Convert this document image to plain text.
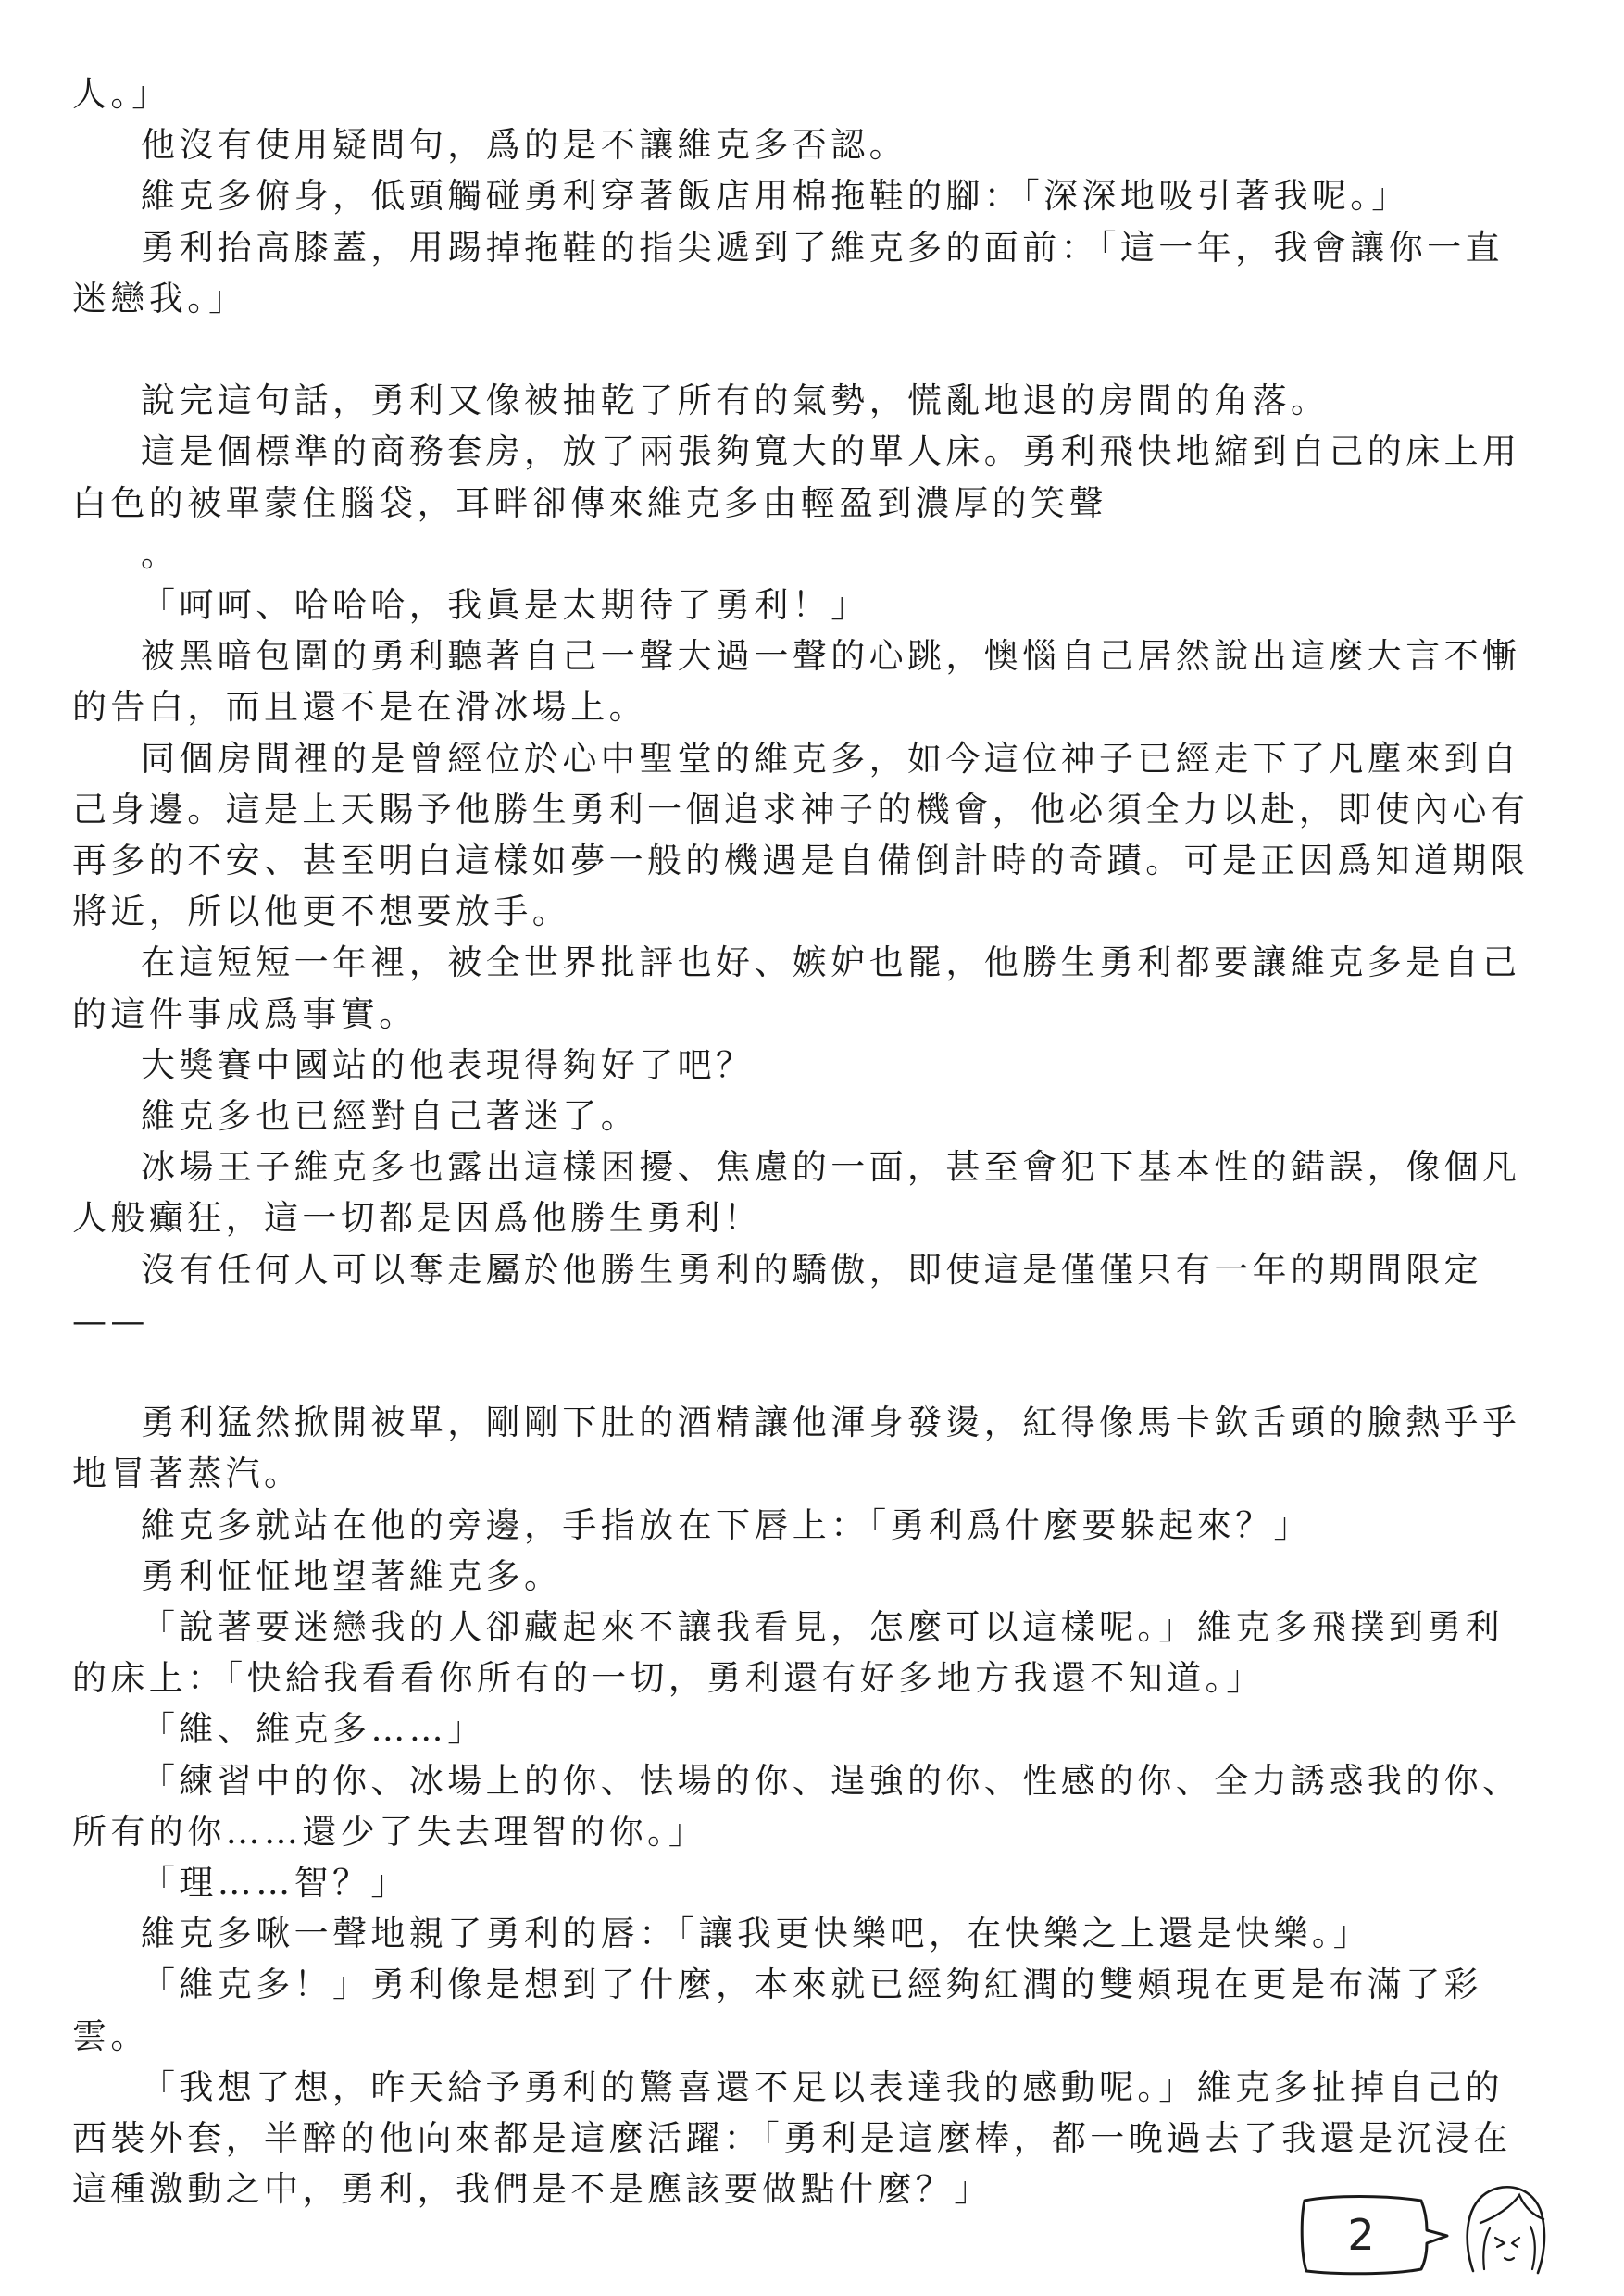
人。」

他沒有使用疑問句，爲的是不讓維克多否認。

維克多俯身，低頭觸碰勇利穿著飯店用棉拖鞋的腳：「深深地吸引著我呢。」

勇利抬高膝蓋，用踢掉拖鞋的指尖遞到了維克多的面前：「這一年，我會讓你一直迷戀我。」

說完這句話，勇利又像被抽乾了所有的氣勢，慌亂地退的房間的角落。

這是個標準的商務套房，放了兩張夠寬大的單人床。勇利飛快地縮到自己的床上用白色的被單蒙住腦袋，耳畔卻傳來維克多由輕盈到濃厚的笑聲

。

「呵呵、哈哈哈，我眞是太期待了勇利！」

被黑暗包圍的勇利聽著自己一聲大過一聲的心跳，懊惱自己居然說出這麼大言不慚的告白，而且還不是在滑冰場上。

同個房間裡的是曾經位於心中聖堂的維克多，如今這位神子已經走下了凡塵來到自己身邊。這是上天賜予他勝生勇利一個追求神子的機會，他必須全力以赴，即使內心有再多的不安、甚至明白這樣如夢一般的機遇是自備倒計時的奇蹟。可是正因爲知道期限將近，所以他更不想要放手。

在這短短一年裡，被全世界批評也好、嫉妒也罷，他勝生勇利都要讓維克多是自己的這件事成爲事實。

大獎賽中國站的他表現得夠好了吧？

維克多也已經對自己著迷了。

冰場王子維克多也露出這樣困擾、焦慮的一面，甚至會犯下基本性的錯誤，像個凡人般癲狂，這一切都是因爲他勝生勇利！

沒有任何人可以奪走屬於他勝生勇利的驕傲，即使這是僅僅只有一年的期間限定——

勇利猛然掀開被單，剛剛下肚的酒精讓他渾身發燙，紅得像馬卡欽舌頭的臉熱乎乎地冒著蒸汽。

維克多就站在他的旁邊，手指放在下唇上：「勇利爲什麼要躲起來？」

勇利怔怔地望著維克多。

「說著要迷戀我的人卻藏起來不讓我看見，怎麼可以這樣呢。」維克多飛撲到勇利的床上：「快給我看看你所有的一切，勇利還有好多地方我還不知道。」

「維、維克多……」

「練習中的你、冰場上的你、怯場的你、逞強的你、性感的你、全力誘惑我的你、所有的你……還少了失去理智的你。」

「理……智？」

維克多啾一聲地親了勇利的唇：「讓我更快樂吧，在快樂之上還是快樂。」

「維克多！」勇利像是想到了什麼，本來就已經夠紅潤的雙頰現在更是布滿了彩雲。

「我想了想，昨天給予勇利的驚喜還不足以表達我的感動呢。」維克多扯掉自己的西裝外套，半醉的他向來都是這麼活躍：「勇利是這麼棒，都一晚過去了我還是沉浸在這種激動之中，勇利，我們是不是應該要做點什麼？」

2
